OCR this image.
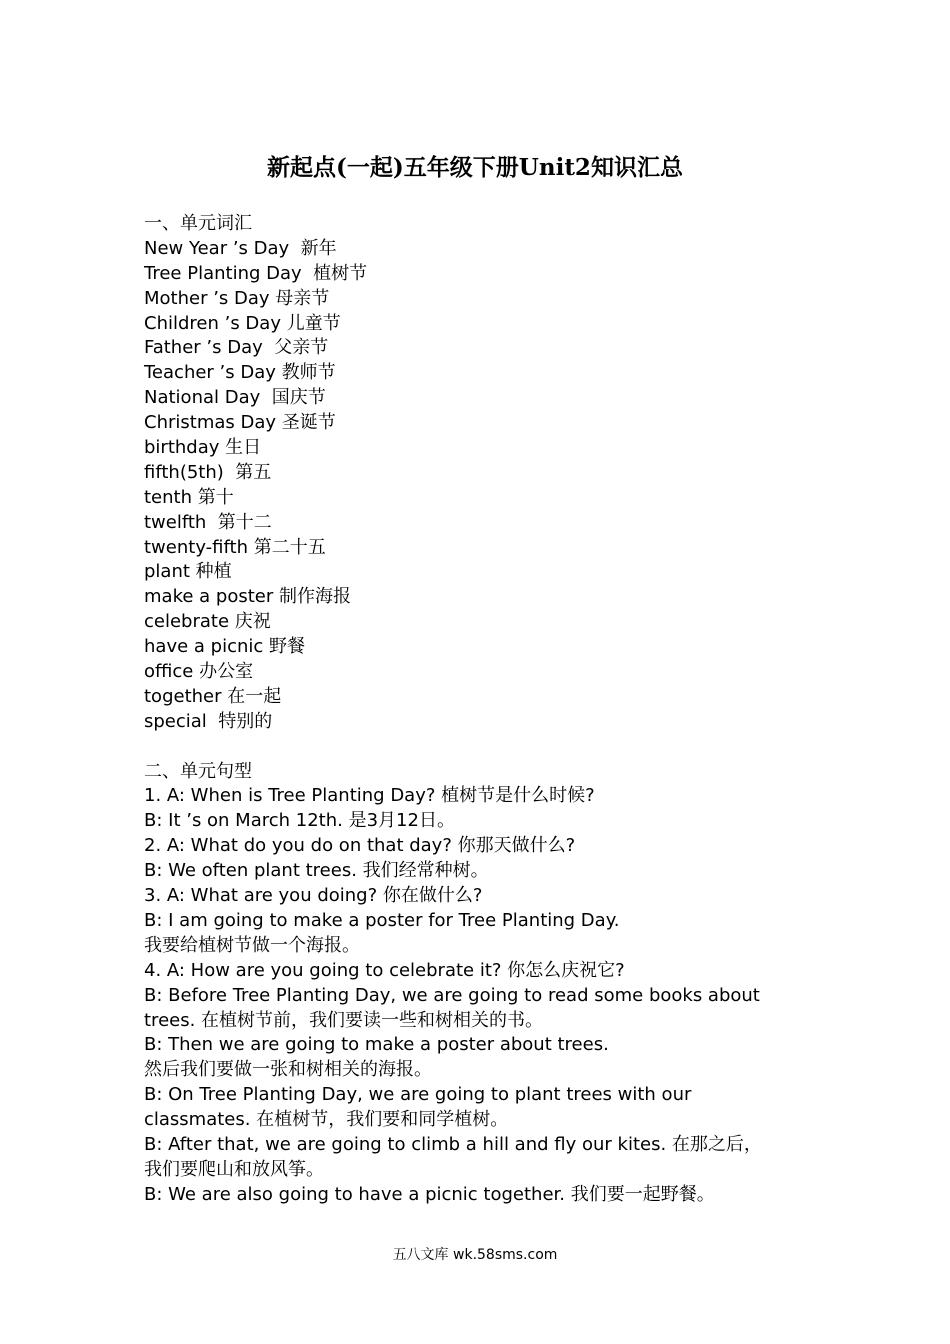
新起点(一起)五年级下册Unit2知识汇总
一、单元词汇
New Year ’s Day  新年
Tree Planting Day  植树节
Mother ’s Day 母亲节
Children ’s Day 儿童节
Father ’s Day  父亲节
Teacher ’s Day 教师节
National Day  国庆节
Christmas Day 圣诞节
birthday 生日
fifth(5th)  第五
tenth 第十
twelfth  第十二
twenty-fifth 第二十五
plant 种植
make a poster 制作海报
celebrate 庆祝
have a picnic 野餐
office 办公室
together 在一起
special  特别的
二、单元句型
1. A: When is Tree Planting Day? 植树节是什么时候?
B: It ’s on March 12th. 是3月12日。
2. A: What do you do on that day? 你那天做什么?
B: We often plant trees. 我们经常种树。
3. A: What are you doing? 你在做什么?
B: I am going to make a poster for Tree Planting Day.
我要给植树节做一个海报。
4. A: How are you going to celebrate it? 你怎么庆祝它?
B: Before Tree Planting Day, we are going to read some books about
trees. 在植树节前，我们要读一些和树相关的书。
B: Then we are going to make a poster about trees.
然后我们要做一张和树相关的海报。
B: On Tree Planting Day, we are going to plant trees with our
classmates. 在植树节，我们要和同学植树。
B: After that, we are going to climb a hill and fly our kites. 在那之后，
我们要爬山和放风筝。
B: We are also going to have a picnic together. 我们要一起野餐。
五八文库 wk.58sms.com
